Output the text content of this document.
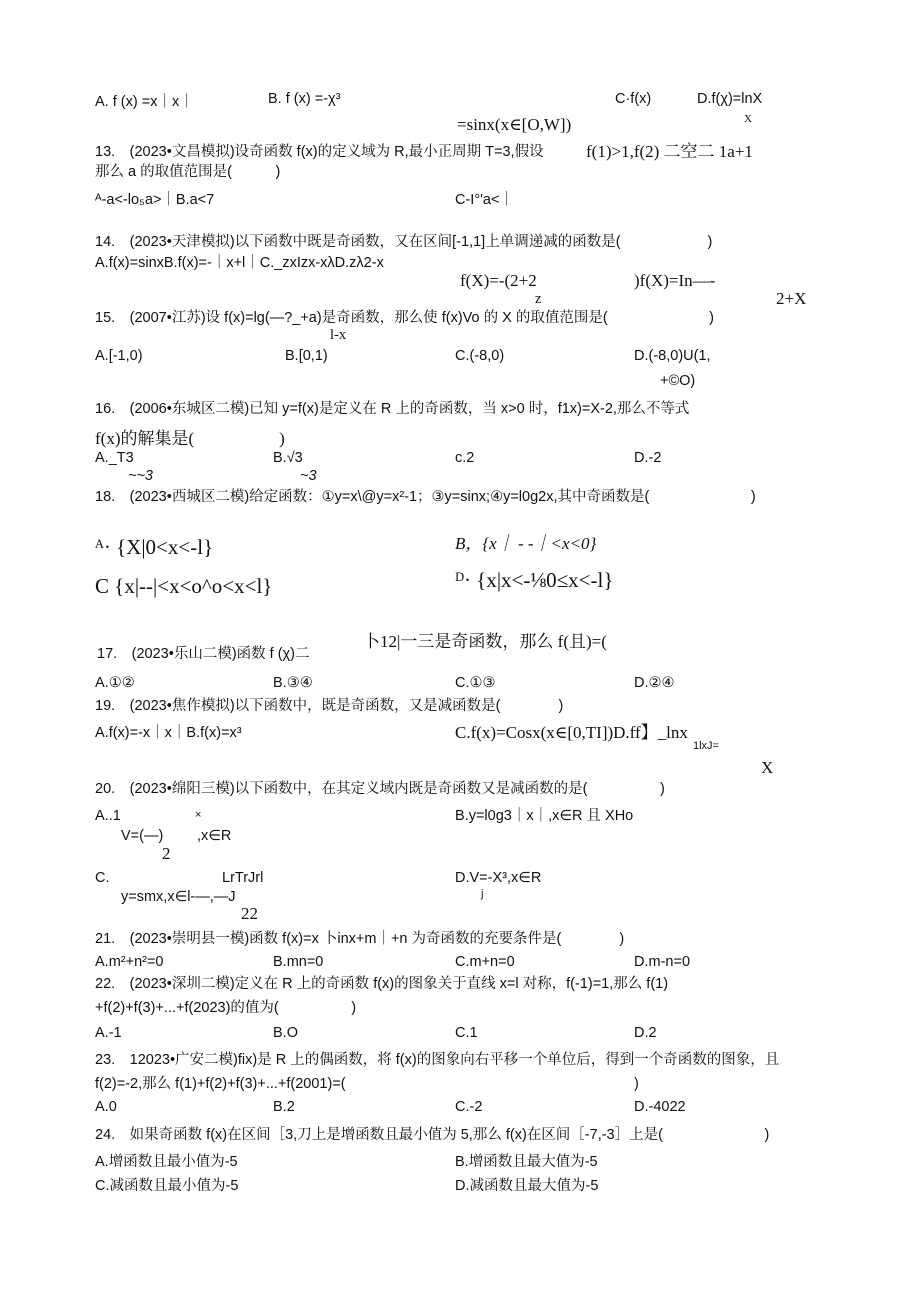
A. f (x) =x｜x｜	B. f (x) =-χ³	C·f(x)	D.f(χ)=lnX
X
=sinx(x∈[O,W])
13.　(2023•文昌模拟)设奇函数 f(x)的定义域为 R,最小正周期 T=3,假设 f(1)>1,f(2) 二空二 1a+1
那么 a 的取值范围是(　　　)
ᴬ-a<-lo₅a>｜B.a<7	C-I°'a<｜
14.　(2023•天津模拟)以下函数中既是奇函数，又在区间[-1,1]上单调递减的函数是(　　　　　　)
A.f(x)=sinxB.f(x)=-｜x+l｜C._zxIzx-xλD.zλ2-x
f(X)=-(2+2
z
)f(X)=In—-
2+X
15.　(2007•江苏)设 f(x)=lg(—?_+a)是奇函数，那么使 f(x)Vo 的 X 的取值范围是(　　　　　　　)
l-x
A.[-1,0)	B.[0,1)	C.(-8,0)	D.(-8,0)U(1,
+©O)
16.　(2006•东城区二模)已知 y=f(x)是定义在 R 上的奇函数，当 x>0 时，f1x)=X-2,那么不等式
f(x)的解集是(　　　　　)
A._T3	B.√3	c.2	D.-2
~~3	~3
18.　(2023•西城区二模)给定函数：①y=x\@y=x²-1；③y=sinx;④y=l0g2x,其中奇函数是(　　　　　　　)
ᴬ· {X|0<x<-l}	B，{x｜ - -｜<x<0}
C {x|--|<x<o^o<x<l}	ᴰ· {x|x<-⅛0≤x<-l}
卜12|一三是奇函数，那么 f(且)=(
17.　(2023•乐山二模)函数 f (χ)二
A.①②	B.③④	C.①③	D.②④
19.　(2023•焦作模拟)以下函数中，既是奇函数，又是减函数是(　　　　)
A.f(x)=-x｜x｜B.f(x)=x³	C.f(x)=Cosx(x∈[0,TI])D.ff】_lnx
1lxJ=
X
20.　(2023•绵阳三模)以下函数中，在其定义域内既是奇函数又是减函数的是(　　　　　)
A..1	×
V=(—) ,x∈R
2
B.y=l0g3｜x｜,x∈R 且 XHo
C.	LrTrJrl
y=smx,x∈l-—,—J
22
D.V=-X³,x∈R
j
21.　(2023•崇明县一模)函数 f(x)=x 卜inx+m｜+n 为奇函数的充要条件是(　　　　)
A.m²+n²=0	B.mn=0	C.m+n=0	D.m-n=0
22.　(2023•深圳二模)定义在 R 上的奇函数 f(x)的图象关于直线 x=l 对称，f(-1)=1,那么 f(1)
+f(2)+f(3)+...+f(2023)的值为(　　　　　)
A.-1	B.O	C.1	D.2
23.　12023•广安二模)fix)是 R 上的偶函数，将 f(x)的图象向右平移一个单位后，得到一个奇函数的图象，且
f(2)=-2,那么 f(1)+f(2)+f(3)+...+f(2001)=(	)
A.0	B.2	C.-2	D.-4022
24.　如果奇函数 f(x)在区间［3,刀上是增函数且最小值为 5,那么 f(x)在区间［-7,-3］上是(　　　　　　　)
A.增函数且最小值为-5	B.增函数且最大值为-5
C.减函数且最小值为-5	D.减函数且最大值为-5
